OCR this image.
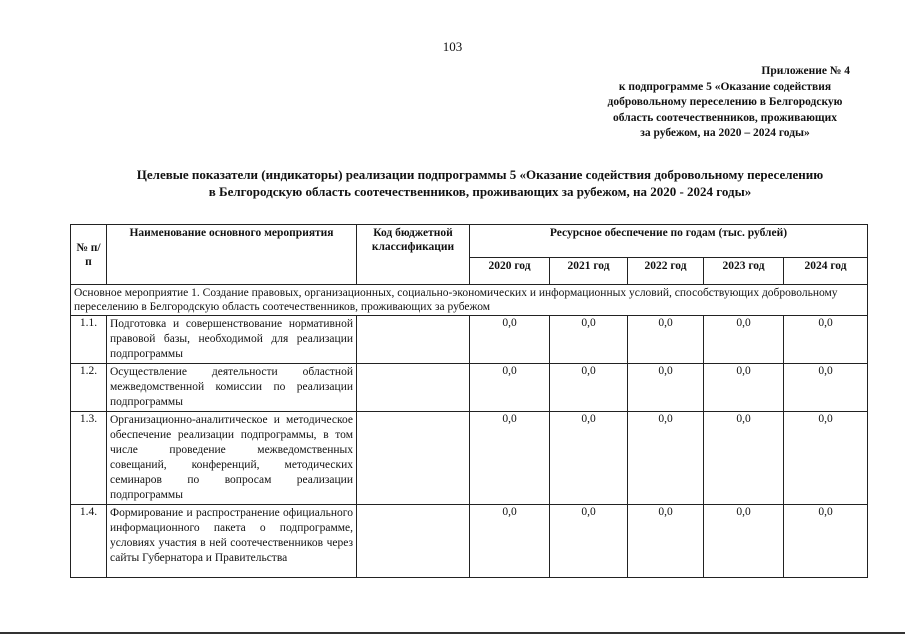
103
Приложение № 4
к подпрограмме 5 «Оказание содействия
добровольному переселению в Белгородскую
область соотечественников, проживающих
за рубежом, на 2020 – 2024 годы»
Целевые показатели (индикаторы) реализации подпрограммы 5 «Оказание содействия добровольному переселению
в Белгородскую область соотечественников, проживающих за рубежом, на 2020 - 2024 годы»
№ п/п	Наименование основного мероприятия	Код бюджетной классификации	Ресурсное обеспечение по годам (тыс. рублей)				
			2020 год	2021 год	2022 год	2023 год	2024 год
Основное мероприятие 1. Создание правовых, организационных, социально-экономических и информационных условий, способствующих добровольному переселению в Белгородскую область соотечественников, проживающих за рубежом							
1.1.	Подготовка и совершенствование нормативной правовой базы, необходимой для реализации подпрограммы		0,0	0,0	0,0	0,0	0,0
1.2.	Осуществление деятельности областной межведомственной комиссии по реализации подпрограммы		0,0	0,0	0,0	0,0	0,0
1.3.	Организационно-аналитическое и методическое обеспечение реализации подпрограммы, в том числе проведение межведомственных совещаний, конференций, методических семинаров по вопросам реализации подпрограммы		0,0	0,0	0,0	0,0	0,0
1.4.	Формирование и распространение официального информационного пакета о подпрограмме, условиях участия в ней соотечественников через сайты Губернатора и Правительства		0,0	0,0	0,0	0,0	0,0
